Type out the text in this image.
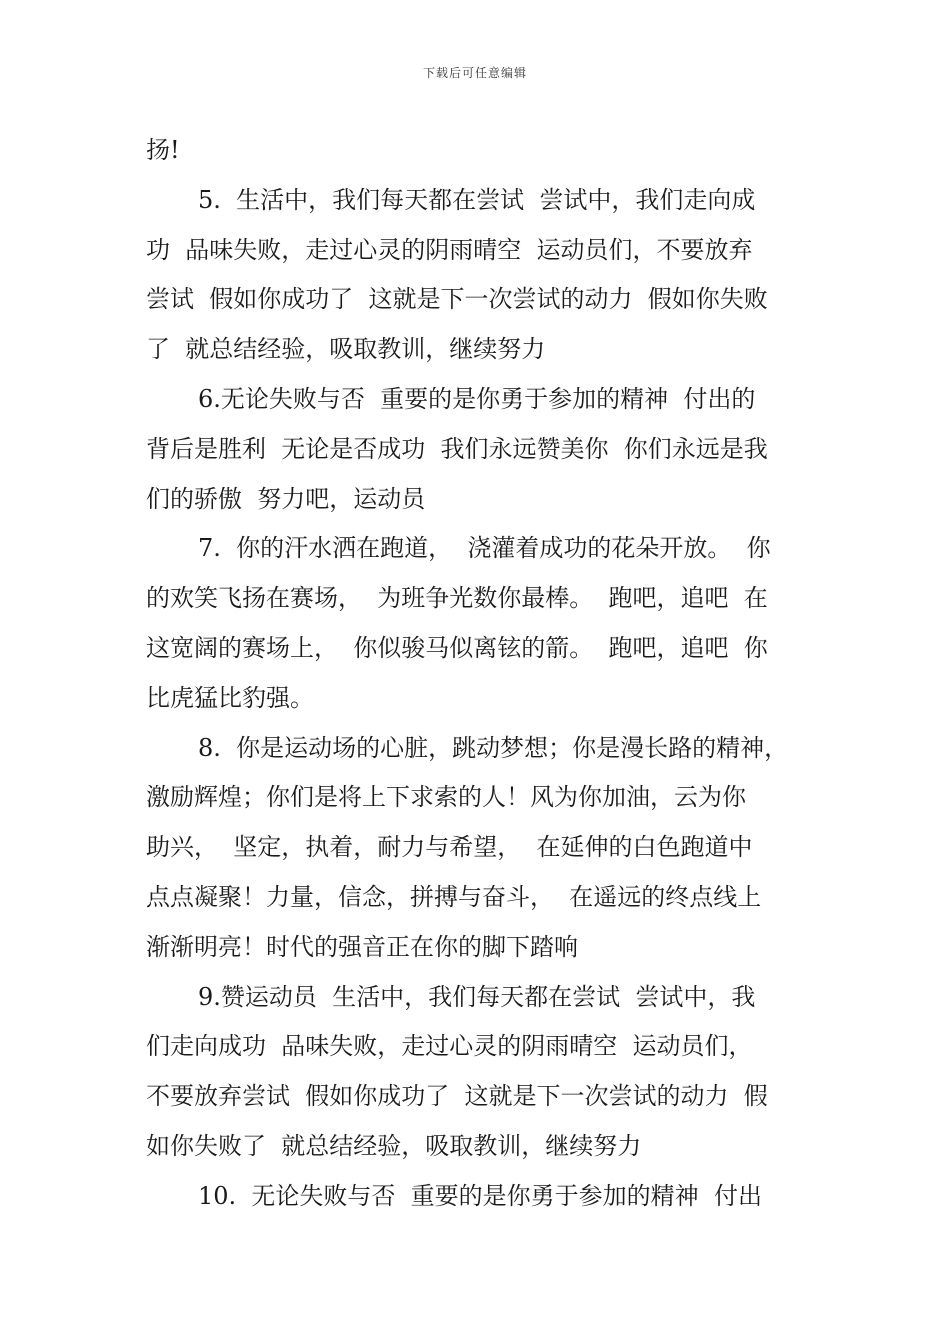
下载后可任意编辑
扬!
5.  生活中，我们每天都在尝试  尝试中，我们走向成
功  品味失败，走过心灵的阴雨晴空  运动员们，不要放弃
尝试  假如你成功了  这就是下一次尝试的动力  假如你失败
了  就总结经验，吸取教训，继续努力
6.无论失败与否  重要的是你勇于参加的精神  付出的
背后是胜利  无论是否成功  我们永远赞美你  你们永远是我
们的骄傲  努力吧，运动员
7.  你的汗水洒在跑道，  浇灌着成功的花朵开放。  你
的欢笑飞扬在赛场，  为班争光数你最棒。  跑吧，追吧  在
这宽阔的赛场上，  你似骏马似离铉的箭。  跑吧，追吧  你
比虎猛比豹强。
8.  你是运动场的心脏，跳动梦想；你是漫长路的精神，
激励辉煌；你们是将上下求索的人！风为你加油，云为你
助兴，  坚定，执着，耐力与希望，  在延伸的白色跑道中
点点凝聚！力量，信念，拼搏与奋斗，  在遥远的终点线上
渐渐明亮！时代的强音正在你的脚下踏响
9.赞运动员  生活中，我们每天都在尝试  尝试中，我
们走向成功  品味失败，走过心灵的阴雨晴空  运动员们，
不要放弃尝试  假如你成功了  这就是下一次尝试的动力  假
如你失败了  就总结经验，吸取教训，继续努力
10.  无论失败与否  重要的是你勇于参加的精神  付出
